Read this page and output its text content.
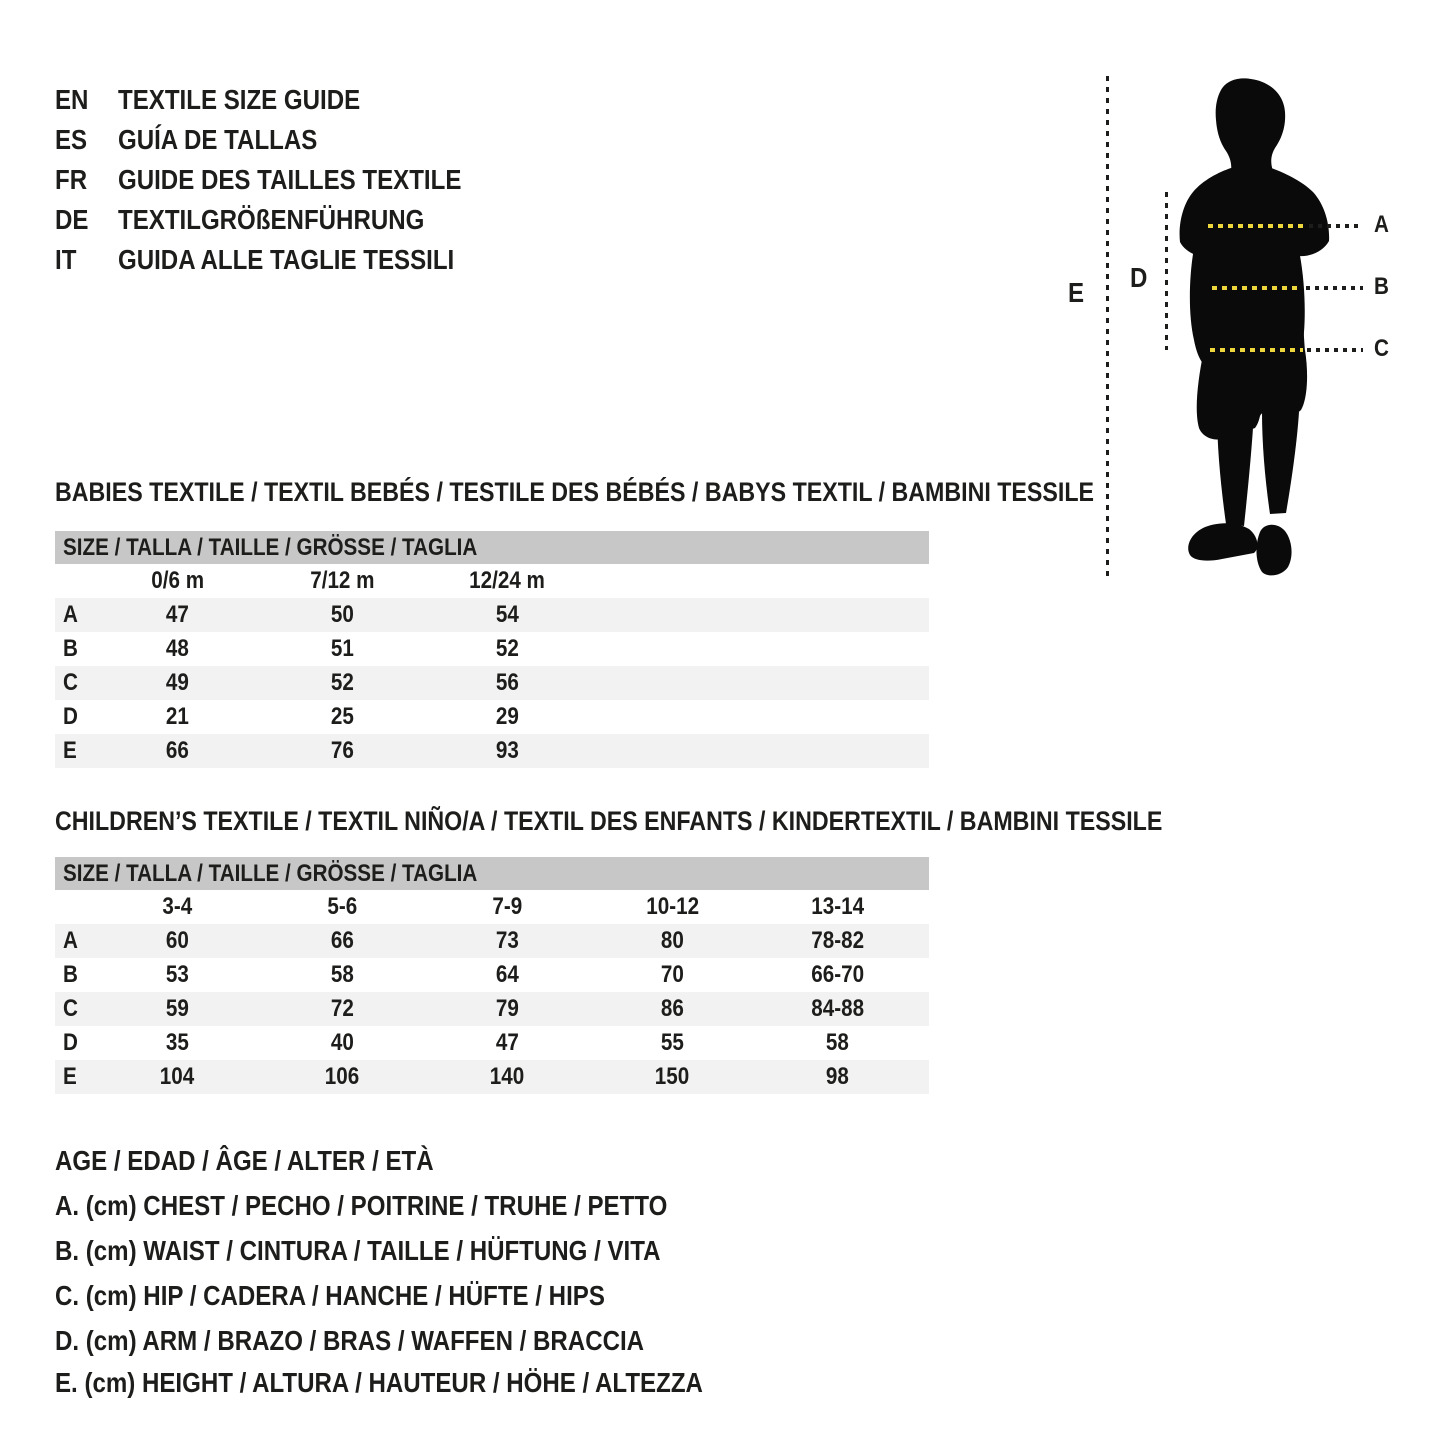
EN	TEXTILE SIZE GUIDE
ES	GUÍA DE TALLAS
FR	GUIDE DES TAILLES TEXTILE
DE	TEXTILGRÖßENFÜHRUNG
IT	GUIDA ALLE TAGLIE TESSILI
E D
A
B
C
BABIES TEXTILE / TEXTIL BEBÉS / TESTILE DES BÉBÉS / BABYS TEXTIL / BAMBINI TESSILE
SIZE / TALLA / TAILLE / GRÖSSE / TAGLIA
0/6 m	7/12 m	12/24 m
A	47	50	54
B	48	51	52
C	49	52	56
D	21	25	29
E	66	76	93
CHILDREN’S TEXTILE / TEXTIL NIÑO/A / TEXTIL DES ENFANTS / KINDERTEXTIL / BAMBINI TESSILE
SIZE / TALLA / TAILLE / GRÖSSE / TAGLIA
3-4	5-6	7-9	10-12	13-14
A	60	66	73	80	78-82
B	53	58	64	70	66-70
C	59	72	79	86	84-88
D	35	40	47	55	58
E	104	106	140	150	98
AGE / EDAD / ÂGE / ALTER / ETÀ
A. (cm) CHEST / PECHO / POITRINE / TRUHE / PETTO
B. (cm) WAIST / CINTURA / TAILLE / HÜFTUNG / VITA
C. (cm) HIP / CADERA / HANCHE / HÜFTE / HIPS
D. (cm) ARM / BRAZO / BRAS / WAFFEN / BRACCIA
E. (cm) HEIGHT / ALTURA / HAUTEUR / HÖHE / ALTEZZA
